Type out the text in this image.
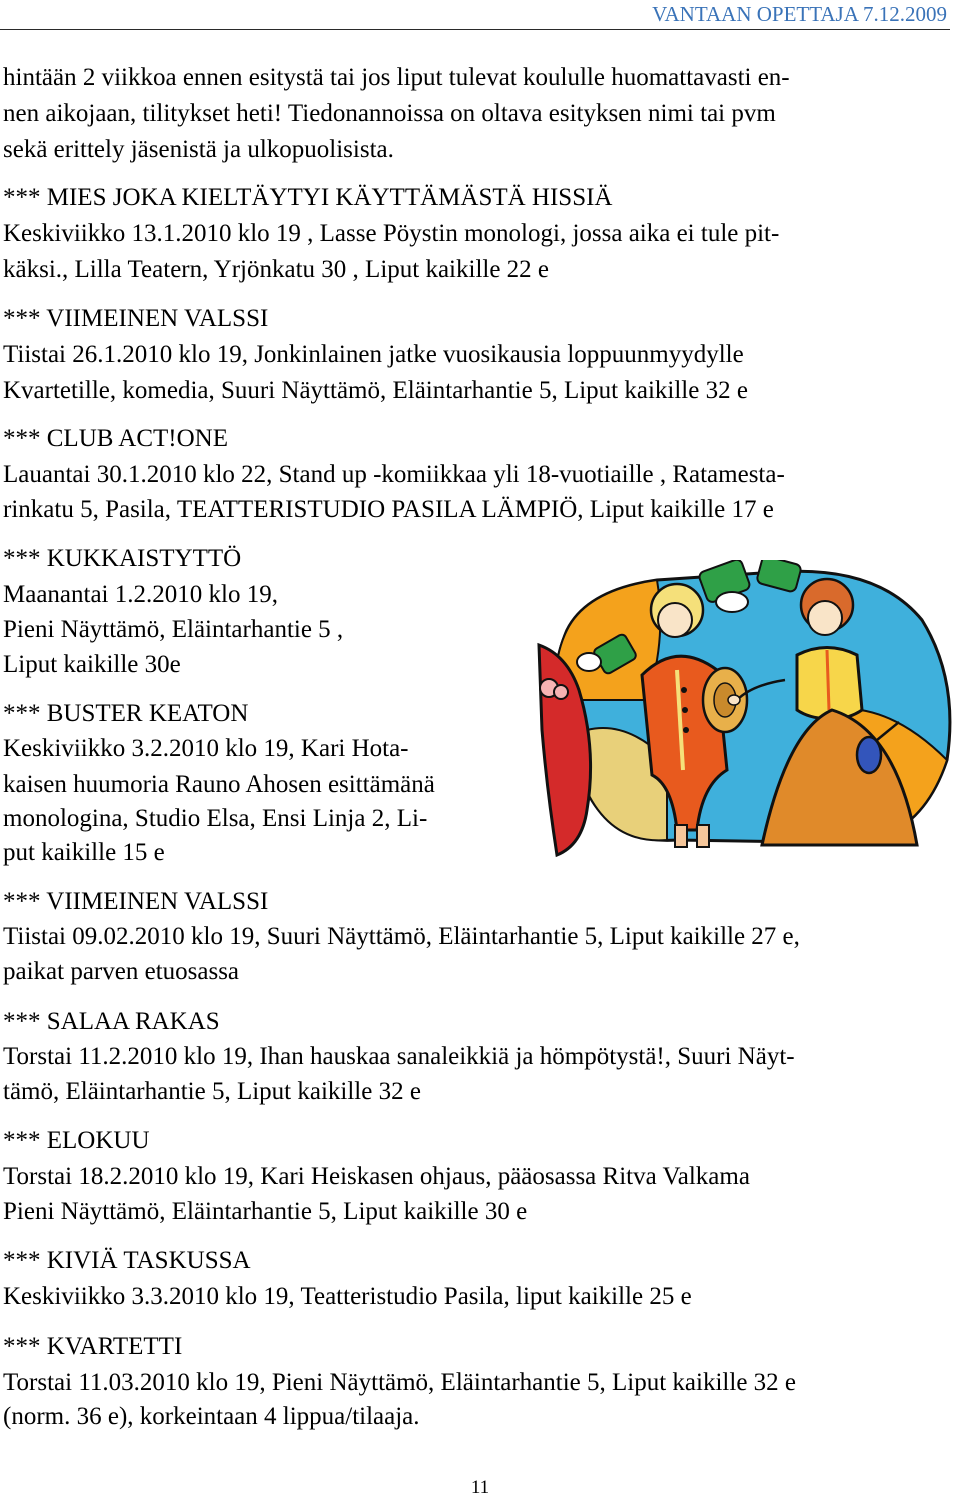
VANTAAN OPETTAJA 7.12.2009
hintään 2 viikkoa ennen esitystä tai jos liput tulevat koululle huomattavasti en-
nen aikojaan, tilitykset heti! Tiedonannoissa on oltava esityksen nimi tai pvm
sekä erittely jäsenistä ja ulkopuolisista.
*** MIES JOKA KIELTÄYTYI KÄYTTÄMÄSTÄ HISSIÄ
Keskiviikko 13.1.2010 klo 19 , Lasse Pöystin monologi, jossa aika ei tule pit-
käksi., Lilla Teatern, Yrjönkatu 30 , Liput kaikille 22 e
*** VIIMEINEN VALSSI
Tiistai 26.1.2010 klo 19, Jonkinlainen jatke vuosikausia loppuunmyydylle
Kvartetille, komedia, Suuri Näyttämö, Eläintarhantie 5, Liput kaikille 32 e
*** CLUB ACT!ONE
Lauantai 30.1.2010 klo 22, Stand up -komiikkaa yli 18-vuotiaille , Ratamesta-
rinkatu 5, Pasila, TEATTERISTUDIO PASILA LÄMPIÖ, Liput kaikille 17 e
*** KUKKAISTYTTÖ
Maanantai 1.2.2010 klo 19,
Pieni Näyttämö, Eläintarhantie 5 ,
Liput kaikille 30e
*** BUSTER KEATON
Keskiviikko 3.2.2010 klo 19, Kari Hota-
kaisen huumoria Rauno Ahosen esittämänä
monologina, Studio Elsa, Ensi Linja 2, Li-
put kaikille 15 e
*** VIIMEINEN VALSSI
Tiistai 09.02.2010 klo 19, Suuri Näyttämö, Eläintarhantie 5, Liput kaikille 27 e,
paikat parven etuosassa
*** SALAA RAKAS
Torstai 11.2.2010 klo 19, Ihan hauskaa sanaleikkiä ja hömpötystä!, Suuri Näyt-
tämö, Eläintarhantie 5, Liput kaikille 32 e
*** ELOKUU
Torstai 18.2.2010 klo 19, Kari Heiskasen ohjaus, pääosassa Ritva Valkama
Pieni Näyttämö, Eläintarhantie 5, Liput kaikille 30 e
*** KIVIÄ TASKUSSA
Keskiviikko 3.3.2010 klo 19, Teatteristudio Pasila, liput kaikille 25 e
*** KVARTETTI
Torstai 11.03.2010 klo 19, Pieni Näyttämö, Eläintarhantie 5, Liput kaikille 32 e
(norm. 36 e), korkeintaan 4 lippua/tilaaja.
11
